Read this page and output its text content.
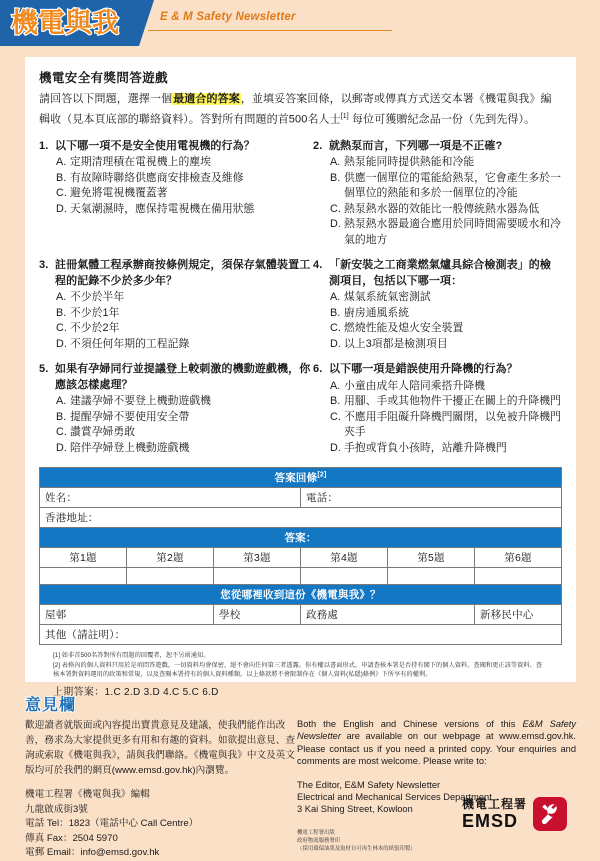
機電與我	E & M Safety Newsletter
機電安全有獎問答遊戲
請回答以下問題，選擇一個最適合的答案，並填妥答案回條，以郵寄或傳真方式送交本署《機電與我》編輯收（見本頁底部的聯絡資料）。答對所有問題的首500名人士[1] 每位可獲贈紀念品一份（先到先得）。
1. 以下哪一項不是安全使用電視機的行為？
A. 定期清理積在電視機上的塵埃
B. 有故障時聯絡供應商安排檢查及維修
C. 避免將電視機覆蓋著
D. 天氣潮濕時，應保持電視機在備用狀態
2. 就熱泵而言，下列哪一項是不正確?
A. 熱泵能同時提供熱能和冷能
B. 供應一個單位的電能給熱泵，它會產生多於一個單位的熱能和多於一個單位的冷能
C. 熱泵熱水器的效能比一般傳統熱水器為低
D. 熱泵熱水器最適合應用於同時間需要暖水和冷氣的地方
3. 註冊氣體工程承辦商按條例規定，須保存氣體裝置工程的記錄不少於多少年？
A. 不少於半年
B. 不少於1年
C. 不少於2年
D. 不須任何年期的工程記錄
4. 「新安裝之工商業燃氣爐具綜合檢測表」的檢測項目，包括以下哪一項：
A. 煤氣系統氣密測試
B. 廚房通風系統
C. 燃燒性能及熄火安全裝置
D. 以上3項都是檢測項目
5. 如果有孕婦同行並提議登上較刺激的機動遊戲機，你應該怎樣處理？
A. 建議孕婦不要登上機動遊戲機
B. 提醒孕婦不要使用安全帶
C. 讚賞孕婦勇敢
D. 陪伴孕婦登上機動遊戲機
6. 以下哪一項是錯誤使用升降機的行為？
A. 小童由成年人陪同乘搭升降機
B. 用腳、手或其他物件干擾正在關上的升降機門
C. 不應用手阻礙升降機門關閉，以免被升降機門夾手
D. 手抱或背負小孩時，站離升降機門
答案回條[2]
姓名：			電話：		
香港地址：					
答案：					
第1題	第2題	第3題	第4題	第5題	第6題

您從哪裡收到這份《機電與我》？					
屋邨		學校	政務處		新移民中心
其他（請註明）：					
[1] 如非首500名答對所有問題的回覆者，恕不另函通知。
[2] 表格內的個人資料只用於是項問答遊戲，一切資料均會保密，絕不會向任何第三者透露。你有權以書面形式，申請查核本署是否持有閣下的個人資料、查閱和更正該等資料、查核本署對資料運用的政策和常規，以及查閱本署持有的個人資料種類。以上條款將不會限制你在《個人資料(私隱)條例》下所享有的權利。
上期答案：1.C 2.D 3.D 4.C 5.C 6.D
意見欄
歡迎讀者就版面或內容提出寶貴意見及建議，使我們能作出改善，務求為大家提供更多有用和有趣的資料。如欲提出意見、查詢或索取《機電與我》，請與我們聯絡。《機電與我》中文及英文版均可於我們的網頁(www.emsd.gov.hk)內瀏覽。
機電工程署《機電與我》編輯
九龍啟成街3號
電話 Tel：1823（電話中心 Call Centre）
傳真 Fax：2504 5970
電郵 Email：info@emsd.gov.hk
Both the English and Chinese versions of this E&M Safety Newsletter are available on our webpage at www.emsd.gov.hk. Please contact us if you need a printed copy. Your enquiries and comments are most welcome. Please write to:
The Editor, E&M Safety Newsletter
Electrical and Mechanical Services Department
3 Kai Shing Street, Kowloon
機電工程署出版
政府物流服務署印
（採用環保油墨及取材自可再生林木的紙張印製）
機電工程署
EMSD
